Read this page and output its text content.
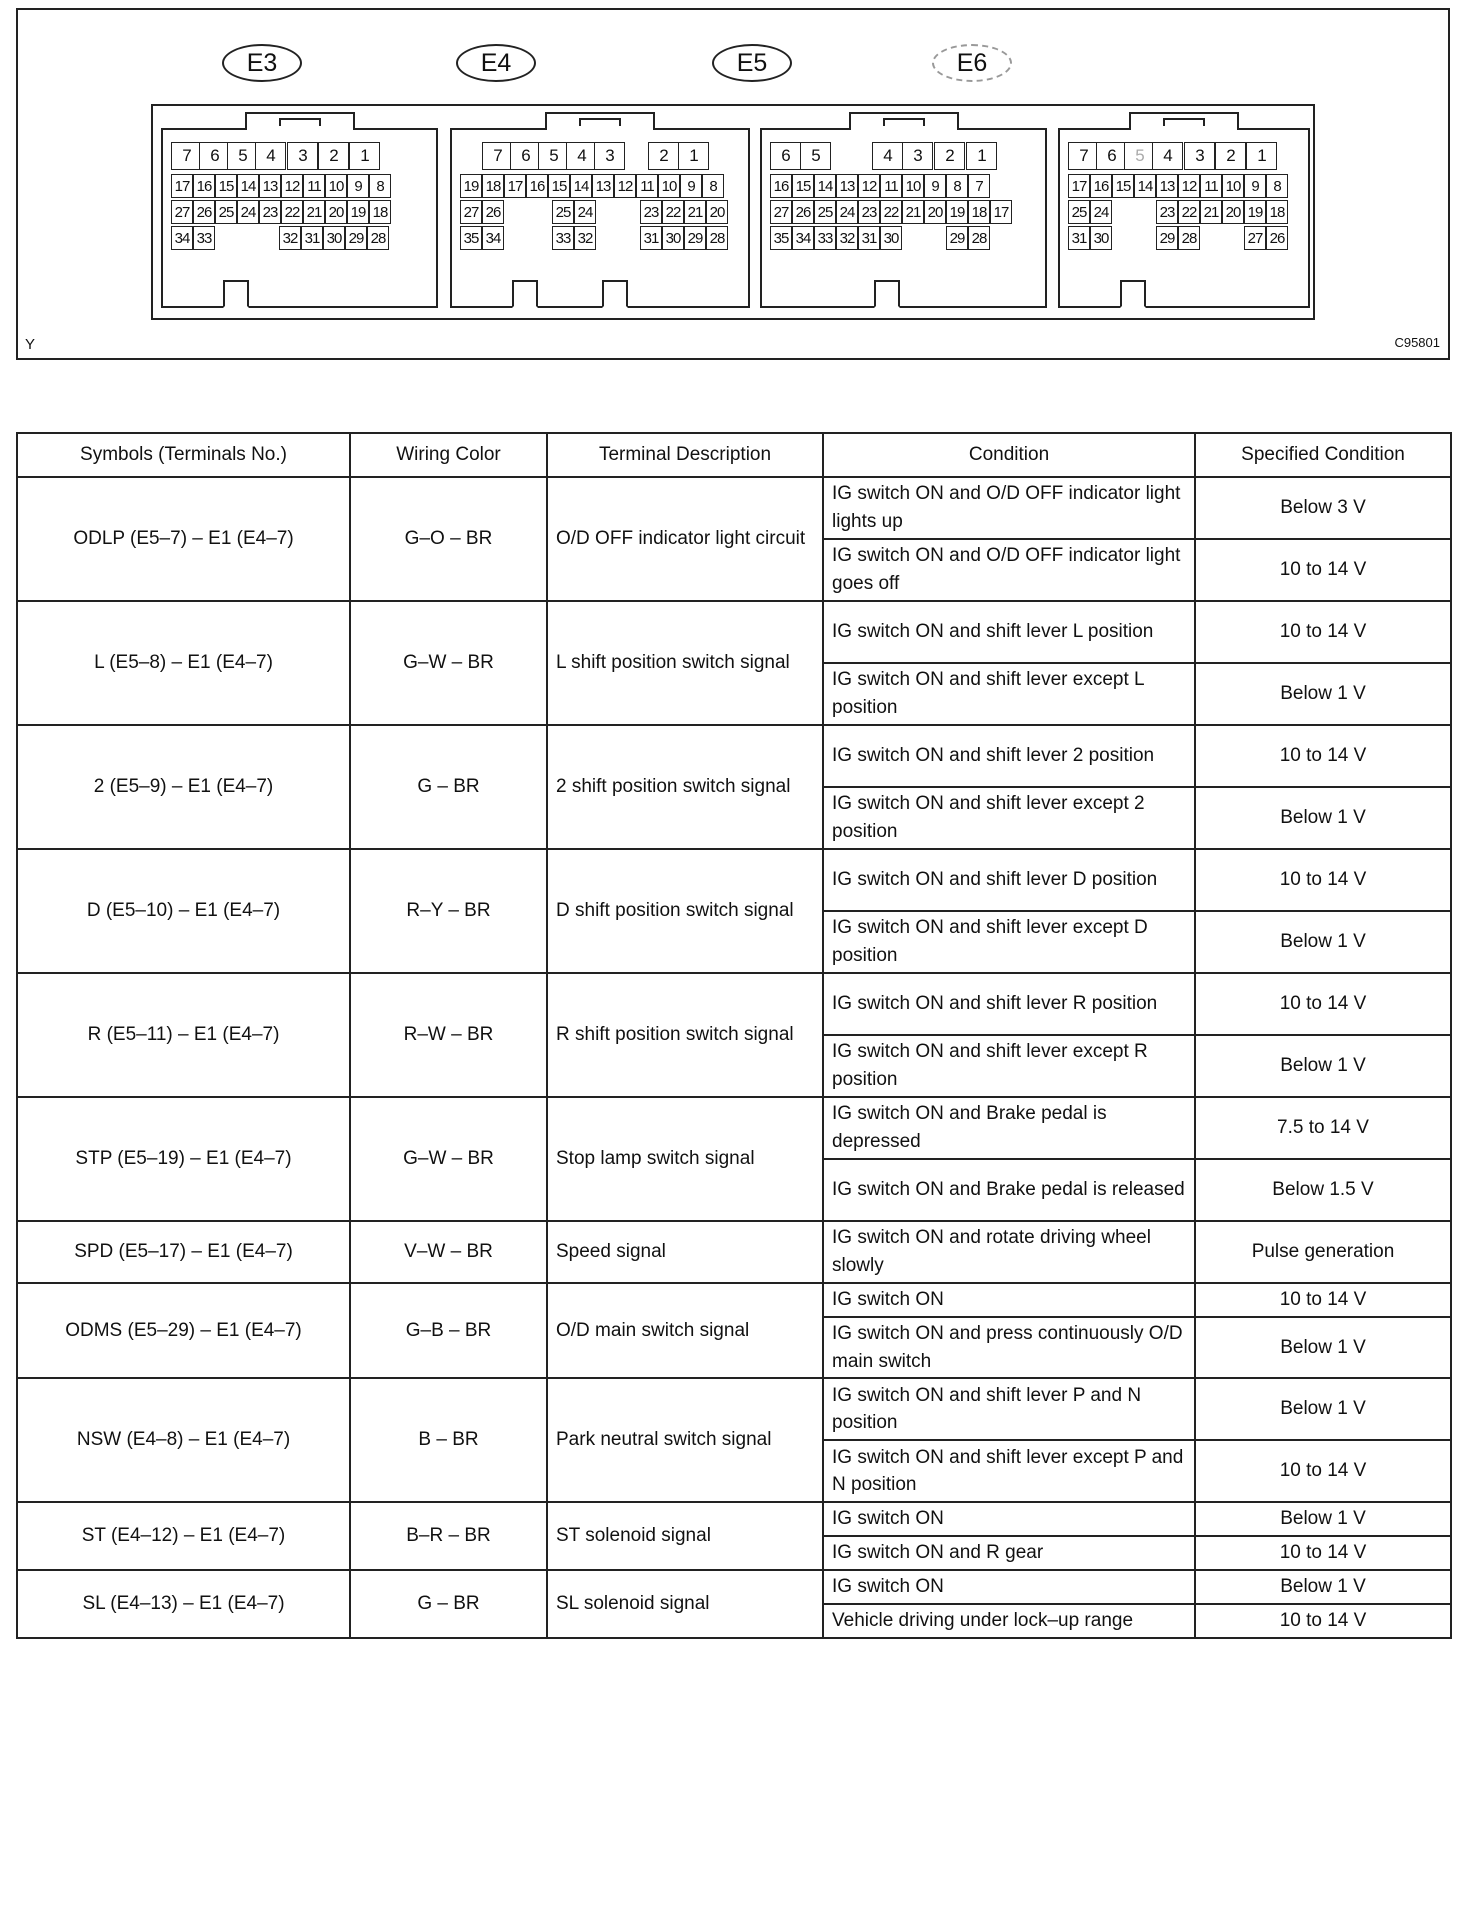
E3	E4	E5	E6
7	6	5	4	3	2	1
17 16 15 14 13 12 11 10 9 8
27 26 25 24 23 22 21 20 19 18
34 33	32 31 30 29 28
7	6	5	4	3	2	1
19 18 17 16 15 14 13 12 11 10 9 8
27 26	25 24	23 22 21 20
35 34	33 32	31 30 29 28
6	5	4	3	2	1
16 15 14 13 12 11 10 9 8 7
27 26 25 24 23 22 21 20 19 18 17
35 34 33 32 31 30	29 28
7	6	5	4	3	2	1
17 16 15 14 13 12 11 10 9 8
25 24	23 22 21 20 19 18
31 30	29 28	27 26
Y	C95801
Symbols (Terminals No.)	Wiring Color	Terminal Description	Condition	Specified Condition
ODLP (E5–7) – E1 (E4–7)	G–O – BR	O/D OFF indicator light circuit	IG switch ON and O/D OFF indicator light lights up	Below 3 V
			IG switch ON and O/D OFF indicator light goes off	10 to 14 V
L (E5–8) – E1 (E4–7)	G–W – BR	L shift position switch signal	IG switch ON and shift lever L position	10 to 14 V
			IG switch ON and shift lever except L position	Below 1 V
2 (E5–9) – E1 (E4–7)	G – BR	2 shift position switch signal	IG switch ON and shift lever 2 position	10 to 14 V
			IG switch ON and shift lever except 2 position	Below 1 V
D (E5–10) – E1 (E4–7)	R–Y – BR	D shift position switch signal	IG switch ON and shift lever D position	10 to 14 V
			IG switch ON and shift lever except D position	Below 1 V
R (E5–11) – E1 (E4–7)	R–W – BR	R shift position switch signal	IG switch ON and shift lever R position	10 to 14 V
			IG switch ON and shift lever except R position	Below 1 V
STP (E5–19) – E1 (E4–7)	G–W – BR	Stop lamp switch signal	IG switch ON and Brake pedal is depressed	7.5 to 14 V
			IG switch ON and Brake pedal is released	Below 1.5 V
SPD (E5–17) – E1 (E4–7)	V–W – BR	Speed signal	IG switch ON and rotate driving wheel slowly	Pulse generation
ODMS (E5–29) – E1 (E4–7)	G–B – BR	O/D main switch signal	IG switch ON	10 to 14 V
			IG switch ON and press continuously O/D main switch	Below 1 V
NSW (E4–8) – E1 (E4–7)	B – BR	Park neutral switch signal	IG switch ON and shift lever P and N position	Below 1 V
			IG switch ON and shift lever except P and N position	10 to 14 V
ST (E4–12) – E1 (E4–7)	B–R – BR	ST solenoid signal	IG switch ON	Below 1 V
			IG switch ON and R gear	10 to 14 V
SL (E4–13) – E1 (E4–7)	G – BR	SL solenoid signal	IG switch ON	Below 1 V
			Vehicle driving under lock–up range	10 to 14 V
